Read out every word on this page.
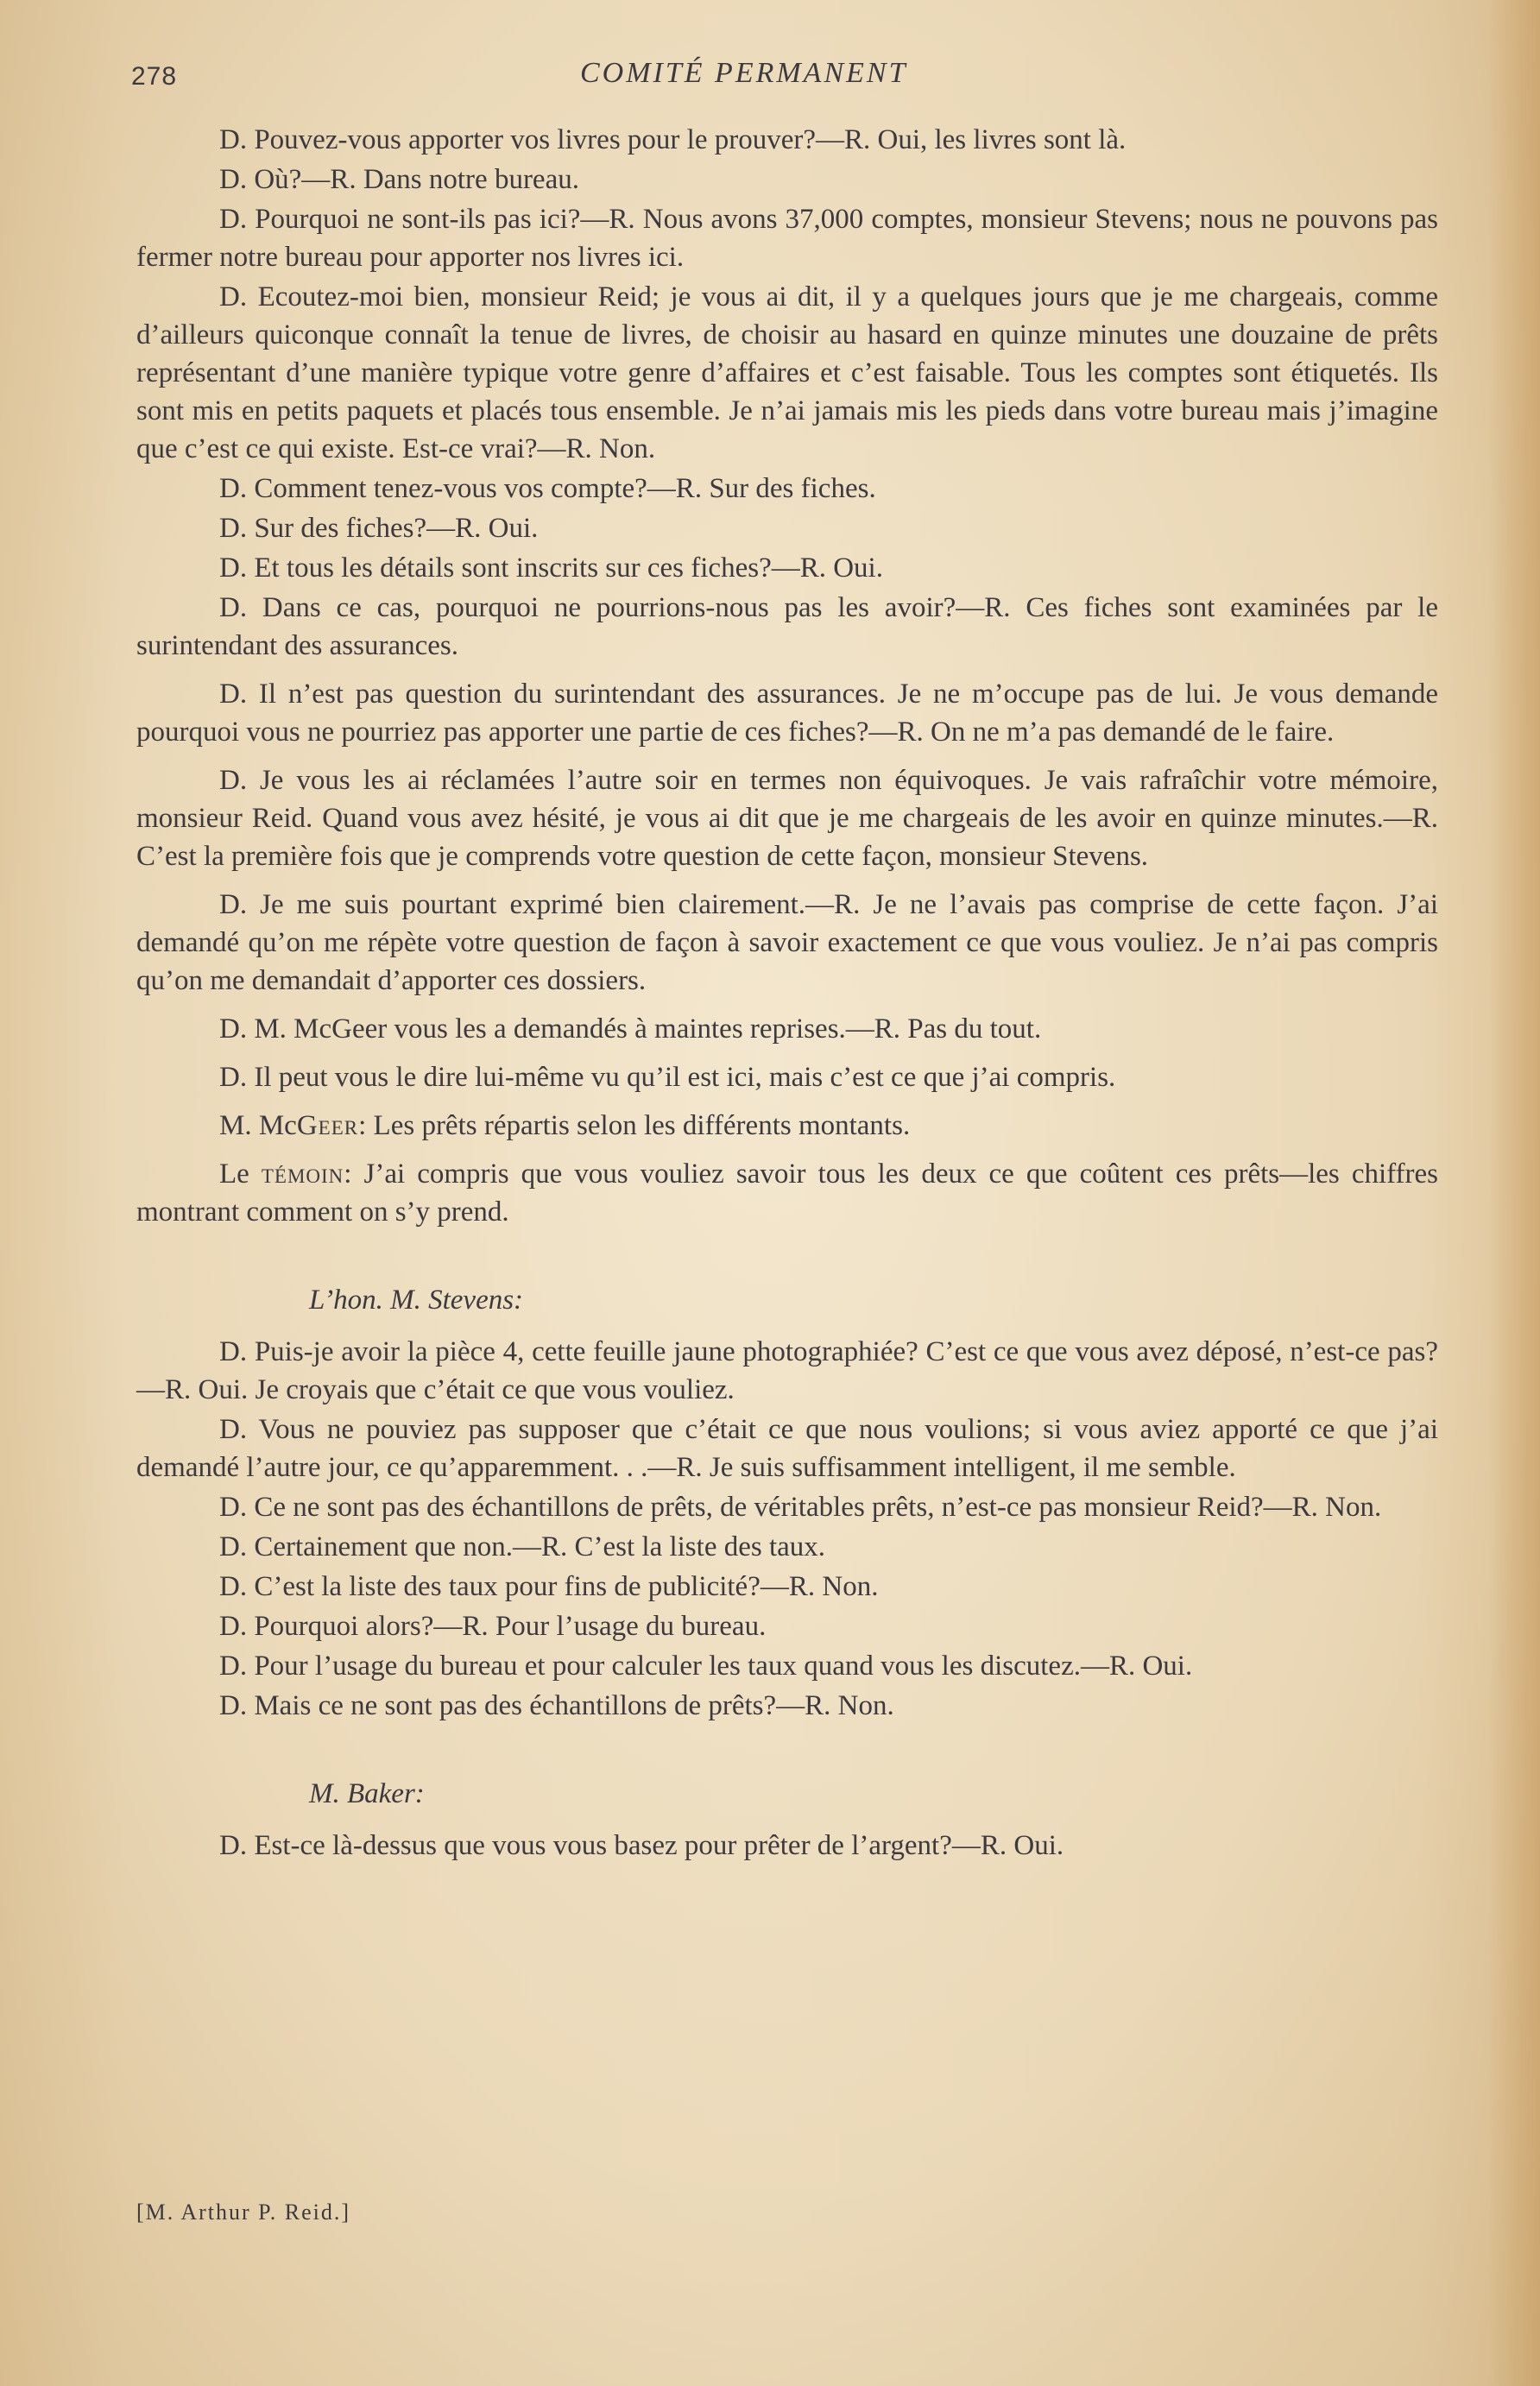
278	COMITÉ PERMANENT

D. Pouvez-vous apporter vos livres pour le prouver?—R. Oui, les livres sont là.

D. Où?—R. Dans notre bureau.

D. Pourquoi ne sont-ils pas ici?—R. Nous avons 37,000 comptes, monsieur Stevens; nous ne pouvons pas fermer notre bureau pour apporter nos livres ici.

D. Ecoutez-moi bien, monsieur Reid; je vous ai dit, il y a quelques jours que je me chargeais, comme d’ailleurs quiconque connaît la tenue de livres, de choisir au hasard en quinze minutes une douzaine de prêts représentant d’une manière typique votre genre d’affaires et c’est faisable. Tous les comptes sont étiquetés. Ils sont mis en petits paquets et placés tous ensemble. Je n’ai jamais mis les pieds dans votre bureau mais j’imagine que c’est ce qui existe. Est-ce vrai?—R. Non.

D. Comment tenez-vous vos compte?—R. Sur des fiches.

D. Sur des fiches?—R. Oui.

D. Et tous les détails sont inscrits sur ces fiches?—R. Oui.

D. Dans ce cas, pourquoi ne pourrions-nous pas les avoir?—R. Ces fiches sont examinées par le surintendant des assurances.

D. Il n’est pas question du surintendant des assurances. Je ne m’occupe pas de lui. Je vous demande pourquoi vous ne pourriez pas apporter une partie de ces fiches?—R. On ne m’a pas demandé de le faire.

D. Je vous les ai réclamées l’autre soir en termes non équivoques. Je vais rafraîchir votre mémoire, monsieur Reid. Quand vous avez hésité, je vous ai dit que je me chargeais de les avoir en quinze minutes.—R. C’est la première fois que je comprends votre question de cette façon, monsieur Stevens.

D. Je me suis pourtant exprimé bien clairement.—R. Je ne l’avais pas comprise de cette façon. J’ai demandé qu’on me répète votre question de façon à savoir exactement ce que vous vouliez. Je n’ai pas compris qu’on me demandait d’apporter ces dossiers.

D. M. McGeer vous les a demandés à maintes reprises.—R. Pas du tout.

D. Il peut vous le dire lui-même vu qu’il est ici, mais c’est ce que j’ai compris.

M. McGeer: Les prêts répartis selon les différents montants.

Le témoin: J’ai compris que vous vouliez savoir tous les deux ce que coûtent ces prêts—les chiffres montrant comment on s’y prend.

L’hon. M. Stevens:

D. Puis-je avoir la pièce 4, cette feuille jaune photographiée? C’est ce que vous avez déposé, n’est-ce pas?—R. Oui. Je croyais que c’était ce que vous vouliez.

D. Vous ne pouviez pas supposer que c’était ce que nous voulions; si vous aviez apporté ce que j’ai demandé l’autre jour, ce qu’apparemment. . .—R. Je suis suffisamment intelligent, il me semble.

D. Ce ne sont pas des échantillons de prêts, de véritables prêts, n’est-ce pas monsieur Reid?—R. Non.

D. Certainement que non.—R. C’est la liste des taux.

D. C’est la liste des taux pour fins de publicité?—R. Non.

D. Pourquoi alors?—R. Pour l’usage du bureau.

D. Pour l’usage du bureau et pour calculer les taux quand vous les discutez.—R. Oui.

D. Mais ce ne sont pas des échantillons de prêts?—R. Non.

M. Baker:

D. Est-ce là-dessus que vous vous basez pour prêter de l’argent?—R. Oui.

[M. Arthur P. Reid.]
